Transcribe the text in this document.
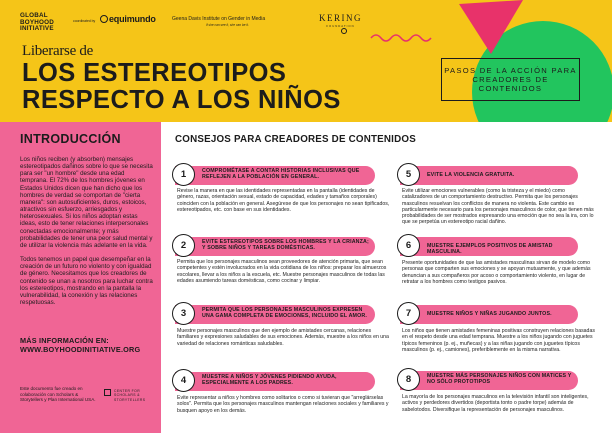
GLOBAL
BOYHOOD
INITIATIVE
coordinated by	equimundo	Geena Davis Institute on Gender in Media
if she can see it, she can be it.
KERING
FOUNDATION
Liberarse de
LOS ESTEREOTIPOS
RESPECTO A LOS NIÑOS
PASOS DE LA ACCIÓN PARA CREADORES DE CONTENIDOS
INTRODUCCIÓN

Los niños reciben (y absorben) mensajes estereotipados dañinos sobre lo que se necesita para ser "un hombre" desde una edad temprana. El 72% de los hombres jóvenes en Estados Unidos dicen que han dicho que los hombres de verdad se comportan de "cierta manera": son autosuficientes, duros, estoicos, atractivos sin esfuerzo, arriesgados y heterosexuales. Si los niños adoptan estas ideas, esto de tener relaciones interpersonales conectadas emocionalmente; y más probabilidades de tener una peor salud mental y de utilizar la violencia más adelante en la vida.

Todos tenemos un papel que desempeñar en la creación de un futuro no violento y con igualdad de género. Necesitamos que los creadores de contenido se unan a nosotros para luchar contra los estereotipos, mostrando en la pantalla la vulnerabilidad, la conexión y las relaciones respetuosas.

MÁS INFORMACIÓN EN:
WWW.BOYHOODINITIATIVE.ORG
Este documento fue creado en colaboración con Scholars & Storytellers y Plan International USA.
CENTER FOR SCHOLARS & STORYTELLERS
CONSEJOS PARA CREADORES DE CONTENIDOS
1	COMPROMÉTASE A CONTAR HISTORIAS INCLUSIVAS QUE REFLEJEN A LA POBLACIÓN EN GENERAL.
Revise la manera en que las identidades representadas en la pantalla (identidades de género, razas, orientación sexual, estado de capacidad, edades y tamaños corporales) coinciden con la población en general. Asegúrese de que los personajes no sean tipificados, estereotipados, etc. con base en sus identidades.
2	EVITE ESTEREOTIPOS SOBRE LOS HOMBRES Y LA CRIANZA; Y SOBRE NIÑOS Y TAREAS DOMÉSTICAS.
Permita que los personajes masculinos sean proveedores de atención primaria, que sean competentes y estén involucrados en la vida cotidiana de los niños: preparar los almuerzos escolares, llevar a los niños a la escuela, etc. Muestre personajes masculinos de todas las edades asumiendo tareas domésticas, como cocinar y limpiar.
3	PERMITA QUE LOS PERSONAJES MASCULINOS EXPRESEN UNA GAMA COMPLETA DE EMOCIONES, INCLUIDO EL AMOR.
Muestre personajes masculinos que den ejemplo de amistades cercanas, relaciones familiares y expresiones saludables de sus emociones. Además, muestre a los niños en una variedad de relaciones románticas saludables.
4	MUESTRE A NIÑOS Y JÓVENES PIDIENDO AYUDA, ESPECIALMENTE A LOS PADRES.
Evite representar a niños y hombres como solitarios o como si tuvieran que "arreglárselas solos". Permita que los personajes masculinos mantengan relaciones sociales y familiares y busquen apoyo en los demás.
5	EVITE LA VIOLENCIA GRATUITA.
Evite utilizar emociones vulnerables (como la tristeza y el miedo) como catalizadores de un comportamiento destructivo. Permita que los personajes masculinos resuelvan los conflictos de manera no violenta. Este cambio es particularmente necesario para los personajes masculinos de color, que tienen más probabilidades de ser mostrados expresando una emoción que no sea la ira, con lo que se perpetúa un estereotipo racial dañino.
6	MUESTRE EJEMPLOS POSITIVOS DE AMISTAD MASCULINA.
Presente oportunidades de que las amistades masculinas sirvan de modelo como personas que comparten sus emociones y se apoyan mutuamente, y que además denuncian a sus compañeros por acoso o comportamiento violento, en lugar de retratar a los hombres como testigos pasivos.
7	MUESTRE NIÑOS Y NIÑAS JUGANDO JUNTOS.
Los niños que tienen amistades femeninas positivas construyen relaciones basadas en el respeto desde una edad temprana. Muestre a los niños jugando con juguetes típicos femeninos (p. ej., muñecas) y a las niñas jugando con juguetes típicos masculinos (p. ej., camiones), preferiblemente en la misma narrativa.
8	MUESTRE MÁS PERSONAJES NIÑOS CON MATICES Y NO SÓLO PROTOTIPOS
La mayoría de los personajes masculinos en la televisión infantil son inteligentes, activos y perdedores divertidos (deportista tonto o padre torpe) además de sabelotodos. Diversifique la representación de personajes masculinos.
